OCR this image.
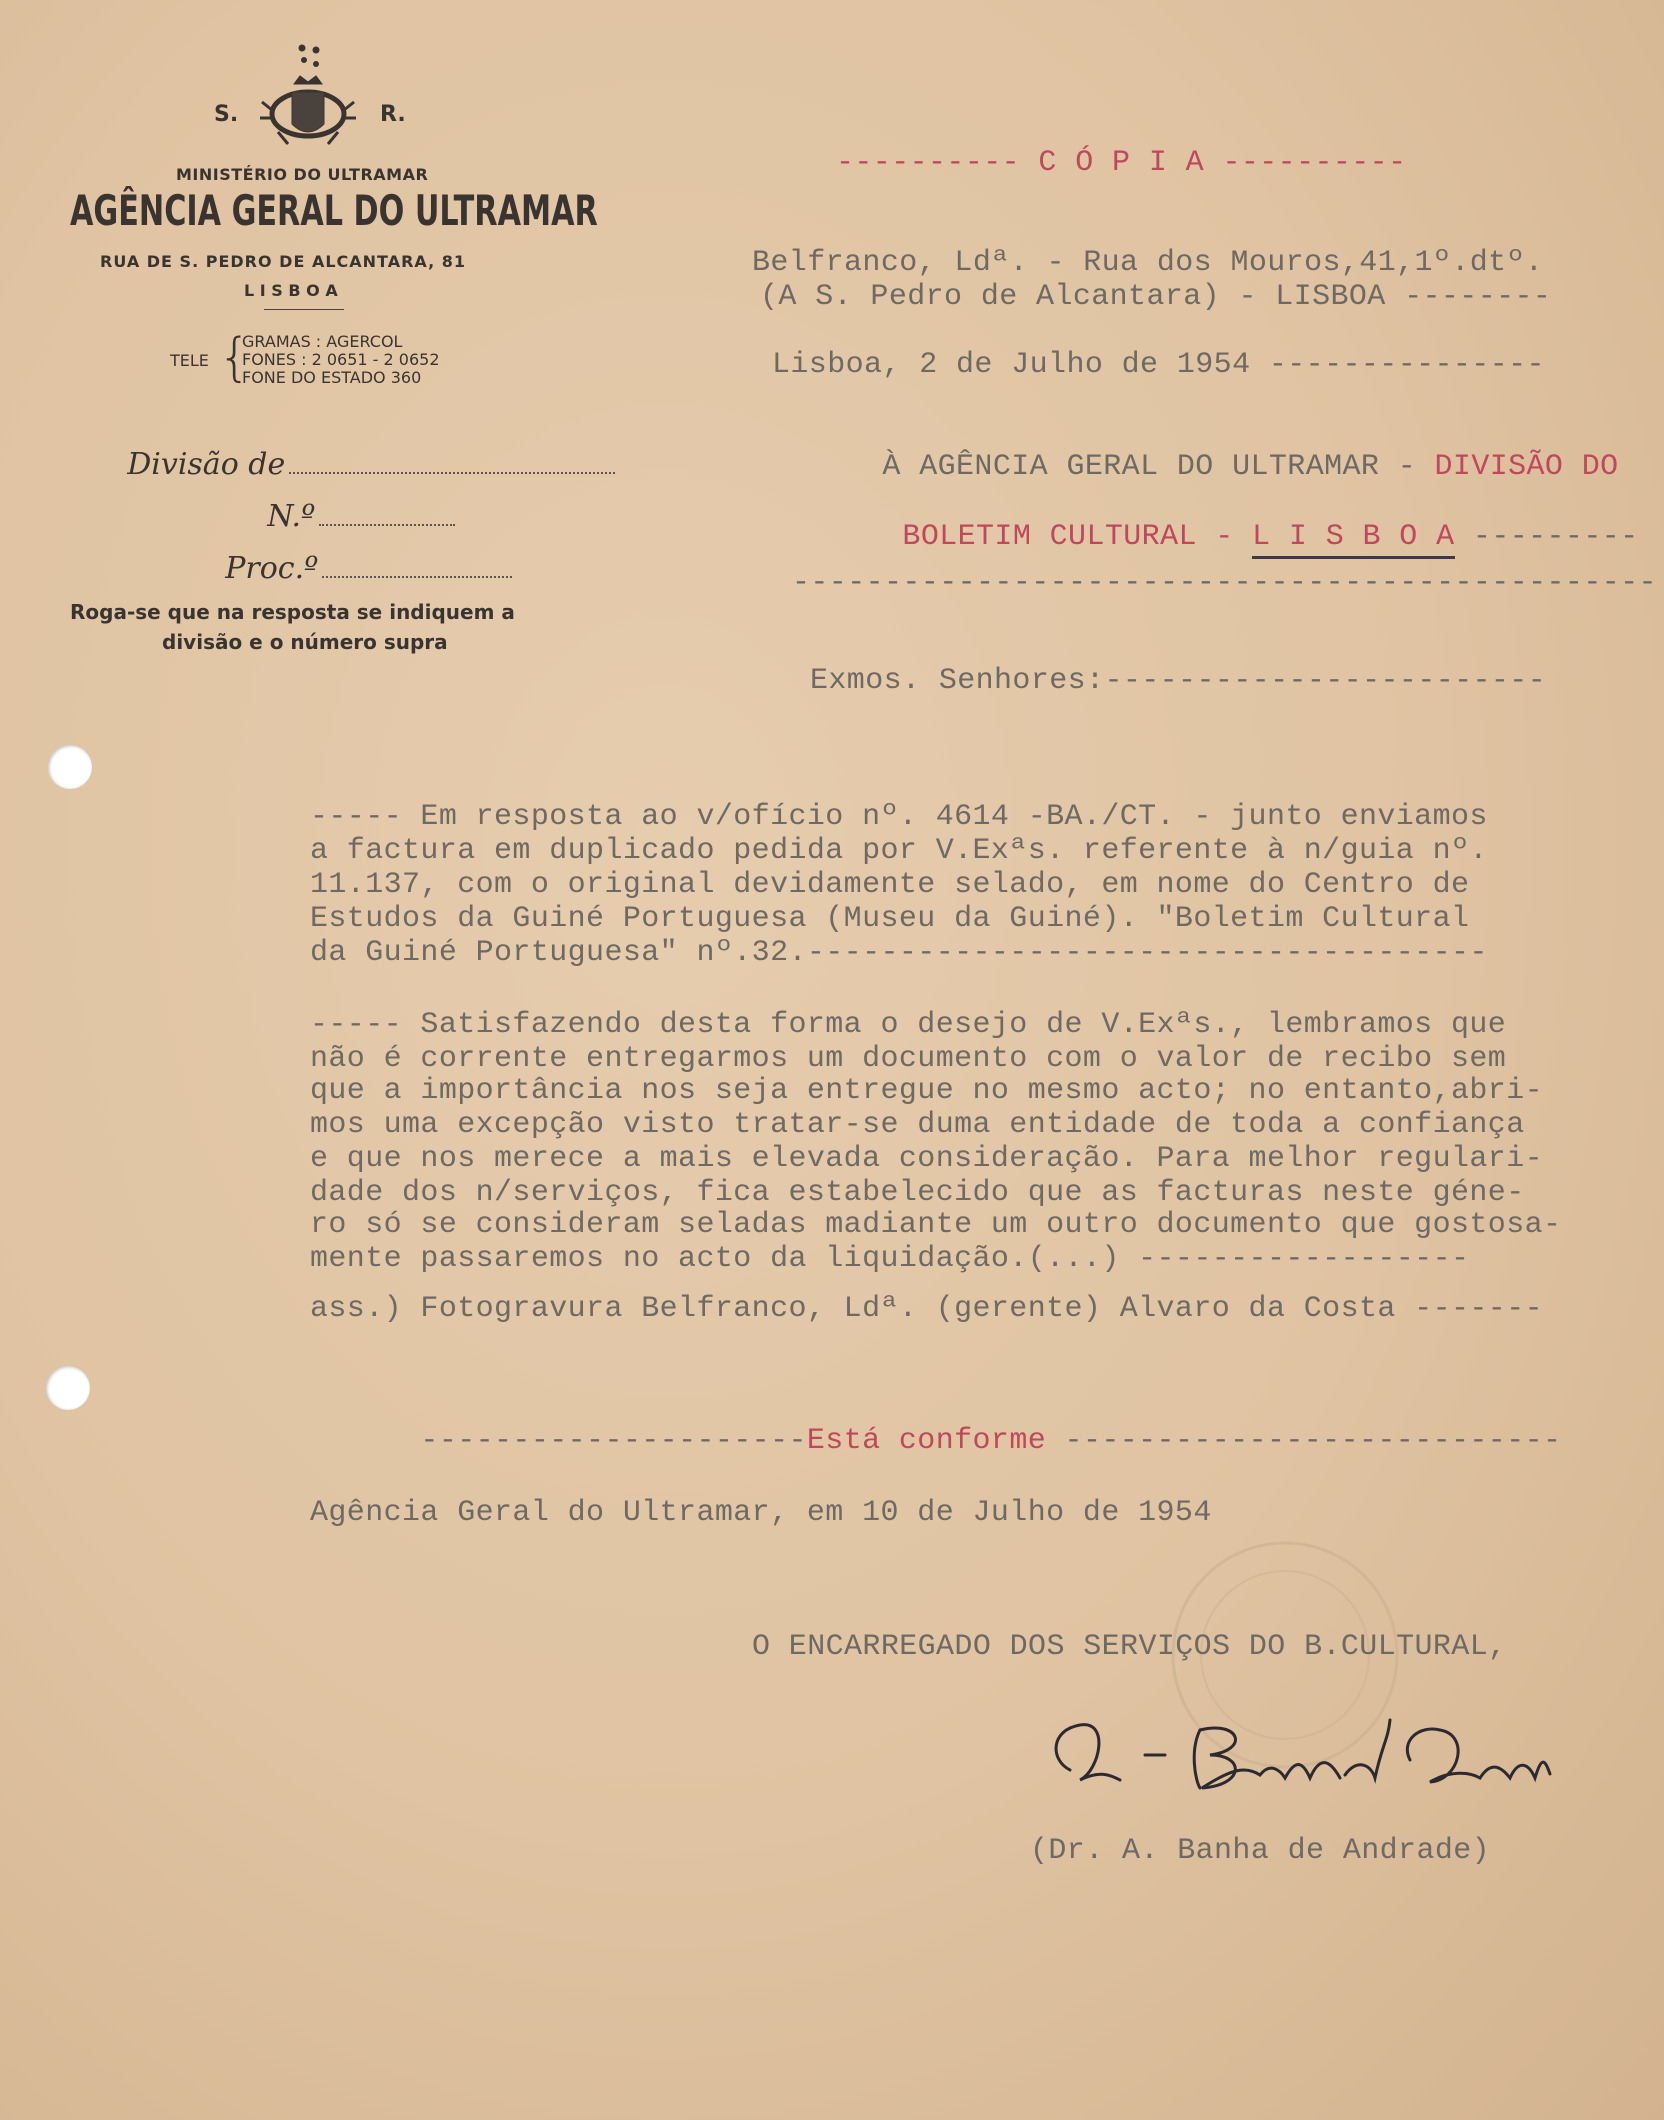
S.	R.
MINISTÉRIO DO ULTRAMAR
AGÊNCIA GERAL DO ULTRAMAR
RUA DE S. PEDRO DE ALCANTARA, 81
L I S B O A
TELE {
GRAMAS : AGERCOL
FONES : 2 0651 - 2 0652
FONE DO ESTADO 360

Divisão de

N.º

Proc.º

Roga-se que na resposta se indiquem a
divisão e o número supra
---------- C Ó P I A ----------
Belfranco, Ldª. - Rua dos Mouros,41,1º.dtº.
(A S. Pedro de Alcantara) - LISBOA --------
Lisboa, 2 de Julho de 1954 ---------------

À AGÊNCIA GERAL DO ULTRAMAR - DIVISÃO DO

BOLETIM CULTURAL - L I S B O A ---------

-----------------------------------------------
Exmos. Senhores:------------------------
----- Em resposta ao v/ofício nº. 4614 -BA./CT. - junto enviamos
a factura em duplicado pedida por V.Exªs. referente à n/guia nº.
11.137, com o original devidamente selado, em nome do Centro de
Estudos da Guiné Portuguesa (Museu da Guiné). "Boletim Cultural
da Guiné Portuguesa" nº.32.-------------------------------------
----- Satisfazendo desta forma o desejo de V.Exªs., lembramos que
não é corrente entregarmos um documento com o valor de recibo sem
que a importância nos seja entregue no mesmo acto; no entanto,abri-
mos uma excepção visto tratar-se duma entidade de toda a confiança
e que nos merece a mais elevada consideração. Para melhor regulari-
dade dos n/serviços, fica estabelecido que as facturas neste géne-
ro só se consideram seladas madiante um outro documento que gostosa-
mente passaremos no acto da liquidação.(...) ------------------
ass.) Fotogravura Belfranco, Ldª. (gerente) Alvaro da Costa -------

---------------------Está conforme ---------------------------

Agência Geral do Ultramar, em 10 de Julho de 1954
O ENCARREGADO DOS SERVIÇOS DO B.CULTURAL,
(Dr. A. Banha de Andrade)
